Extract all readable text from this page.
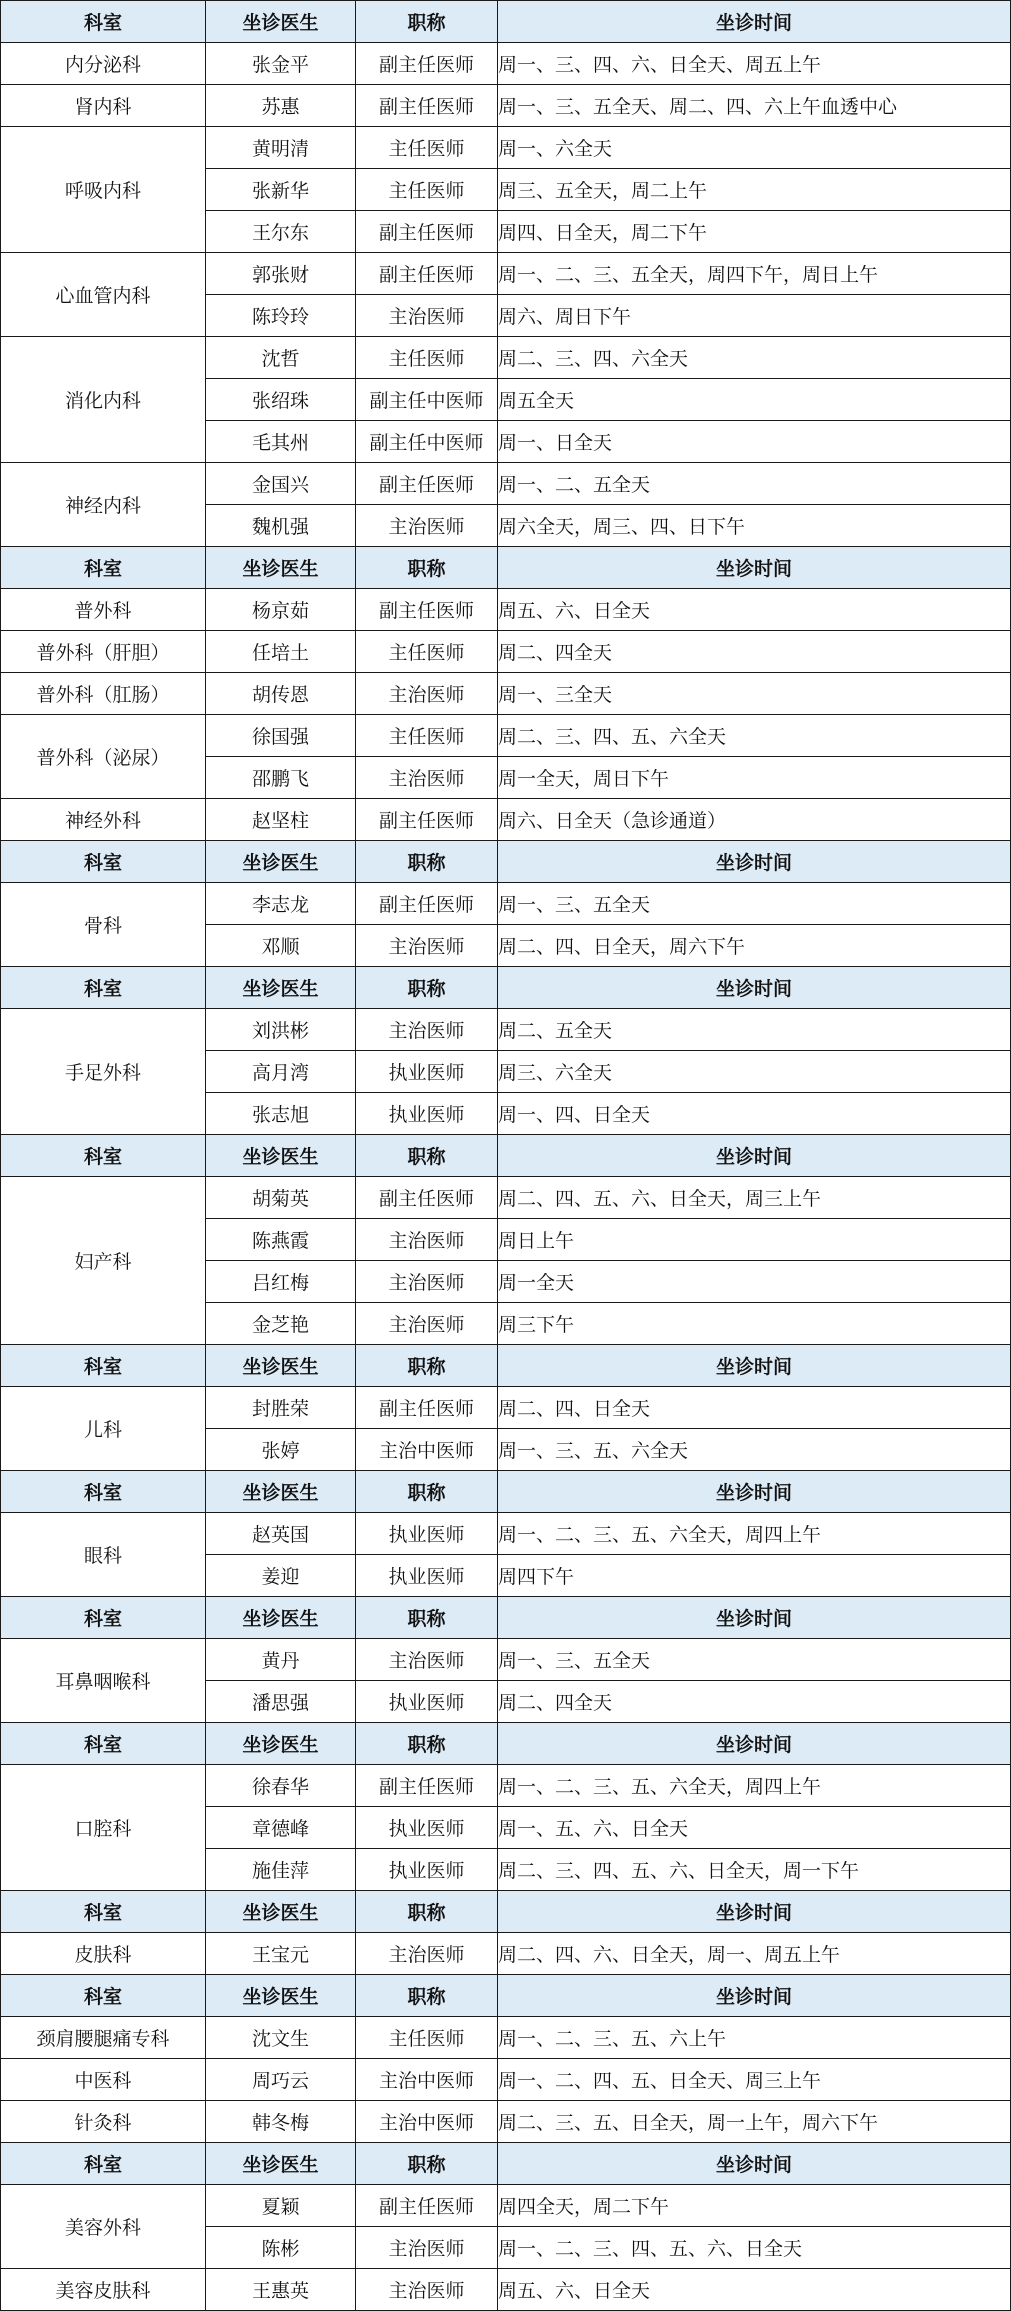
科室	坐诊医生	职称	坐诊时间
内分泌科	张金平	副主任医师	周一、三、四、六、日全天、周五上午
肾内科	苏惠	副主任医师	周一、三、五全天、周二、四、六上午血透中心
呼吸内科	黄明清	主任医师	周一、六全天
	张新华	主任医师	周三、五全天，周二上午
	王尔东	副主任医师	周四、日全天，周二下午
心血管内科	郭张财	副主任医师	周一、二、三、五全天，周四下午，周日上午
	陈玲玲	主治医师	周六、周日下午
消化内科	沈哲	主任医师	周二、三、四、六全天
	张绍珠	副主任中医师	周五全天
	毛其州	副主任中医师	周一、日全天
神经内科	金国兴	副主任医师	周一、二、五全天
	魏机强	主治医师	周六全天，周三、四、日下午
科室	坐诊医生	职称	坐诊时间
普外科	杨京茹	副主任医师	周五、六、日全天
普外科（肝胆）	任培土	主任医师	周二、四全天
普外科（肛肠）	胡传恩	主治医师	周一、三全天
普外科（泌尿）	徐国强	主任医师	周二、三、四、五、六全天
	邵鹏飞	主治医师	周一全天，周日下午
神经外科	赵坚柱	副主任医师	周六、日全天（急诊通道）
科室	坐诊医生	职称	坐诊时间
骨科	李志龙	副主任医师	周一、三、五全天
	邓顺	主治医师	周二、四、日全天，周六下午
科室	坐诊医生	职称	坐诊时间
手足外科	刘洪彬	主治医师	周二、五全天
	高月湾	执业医师	周三、六全天
	张志旭	执业医师	周一、四、日全天
科室	坐诊医生	职称	坐诊时间
妇产科	胡菊英	副主任医师	周二、四、五、六、日全天，周三上午
	陈燕霞	主治医师	周日上午
	吕红梅	主治医师	周一全天
	金芝艳	主治医师	周三下午
科室	坐诊医生	职称	坐诊时间
儿科	封胜荣	副主任医师	周二、四、日全天
	张婷	主治中医师	周一、三、五、六全天
科室	坐诊医生	职称	坐诊时间
眼科	赵英国	执业医师	周一、二、三、五、六全天，周四上午
	姜迎	执业医师	周四下午
科室	坐诊医生	职称	坐诊时间
耳鼻咽喉科	黄丹	主治医师	周一、三、五全天
	潘思强	执业医师	周二、四全天
科室	坐诊医生	职称	坐诊时间
口腔科	徐春华	副主任医师	周一、二、三、五、六全天，周四上午
	章德峰	执业医师	周一、五、六、日全天
	施佳萍	执业医师	周二、三、四、五、六、日全天，周一下午
科室	坐诊医生	职称	坐诊时间
皮肤科	王宝元	主治医师	周二、四、六、日全天，周一、周五上午
科室	坐诊医生	职称	坐诊时间
颈肩腰腿痛专科	沈文生	主任医师	周一、二、三、五、六上午
中医科	周巧云	主治中医师	周一、二、四、五、日全天、周三上午
针灸科	韩冬梅	主治中医师	周二、三、五、日全天，周一上午，周六下午
科室	坐诊医生	职称	坐诊时间
美容外科	夏颖	副主任医师	周四全天，周二下午
	陈彬	主治医师	周一、二、三、四、五、六、日全天
美容皮肤科	王惠英	主治医师	周五、六、日全天
